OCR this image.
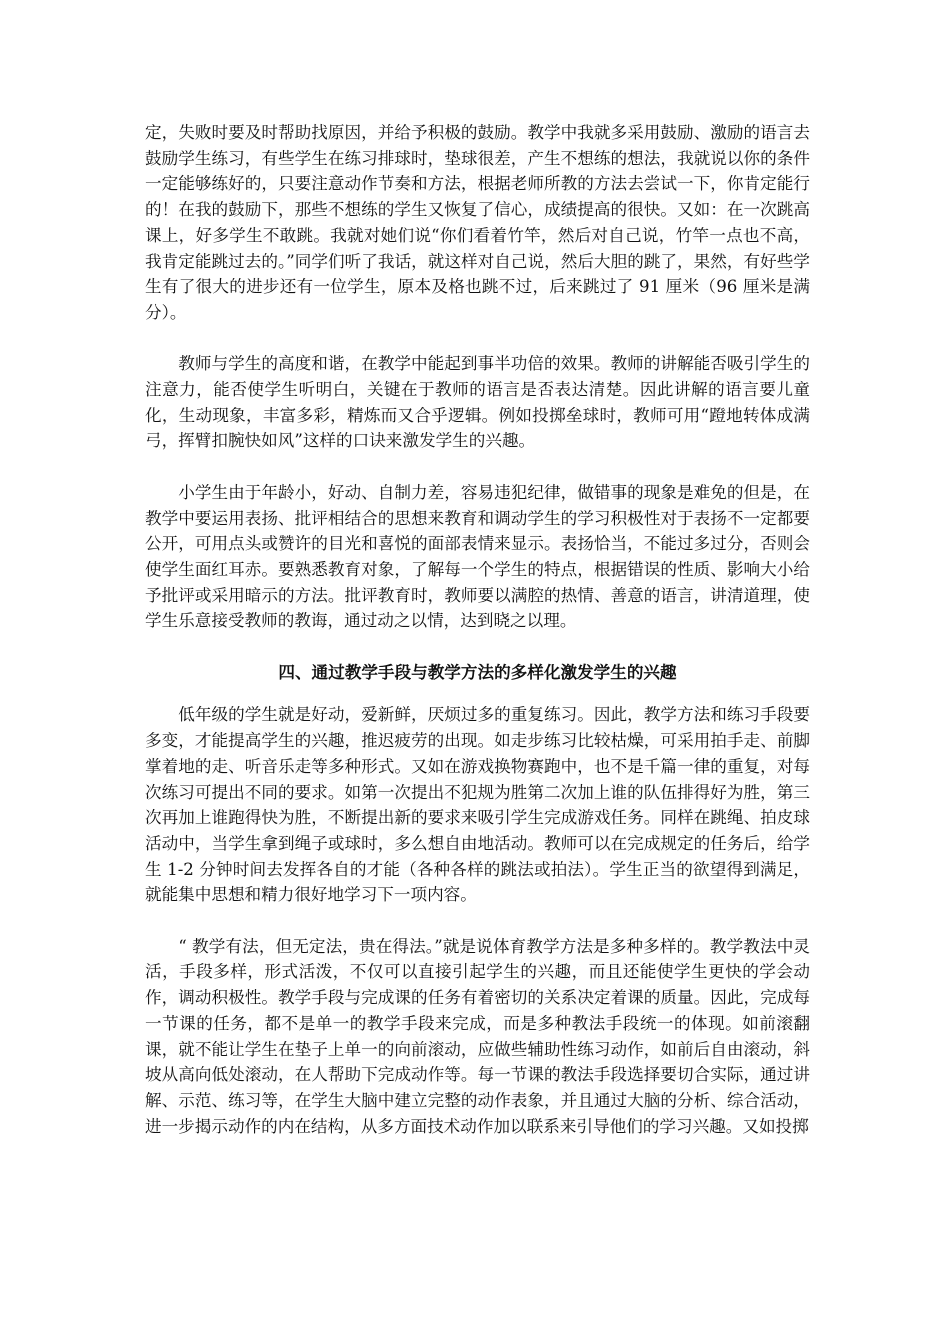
定，失败时要及时帮助找原因，并给予积极的鼓励。教学中我就多采用鼓励、激励的语言去鼓励学生练习，有些学生在练习排球时，垫球很差，产生不想练的想法，我就说以你的条件一定能够练好的，只要注意动作节奏和方法，根据老师所教的方法去尝试一下，你肯定能行的！在我的鼓励下，那些不想练的学生又恢复了信心，成绩提高的很快。又如：在一次跳高课上，好多学生不敢跳。我就对她们说“你们看着竹竿，然后对自己说，竹竿一点也不高，我肯定能跳过去的。”同学们听了我话，就这样对自己说，然后大胆的跳了，果然，有好些学生有了很大的进步还有一位学生，原本及格也跳不过，后来跳过了 91 厘米（96 厘米是满分）。

教师与学生的高度和谐，在教学中能起到事半功倍的效果。教师的讲解能否吸引学生的注意力，能否使学生听明白，关键在于教师的语言是否表达清楚。因此讲解的语言要儿童化，生动现象，丰富多彩，精炼而又合乎逻辑。例如投掷垒球时，教师可用“蹬地转体成满弓，挥臂扣腕快如风”这样的口诀来激发学生的兴趣。

小学生由于年龄小，好动、自制力差，容易违犯纪律，做错事的现象是难免的但是，在教学中要运用表扬、批评相结合的思想来教育和调动学生的学习积极性对于表扬不一定都要公开，可用点头或赞许的目光和喜悦的面部表情来显示。表扬恰当，不能过多过分，否则会使学生面红耳赤。要熟悉教育对象，了解每一个学生的特点，根据错误的性质、影响大小给予批评或采用暗示的方法。批评教育时，教师要以满腔的热情、善意的语言，讲清道理，使学生乐意接受教师的教诲，通过动之以情，达到晓之以理。

四、通过教学手段与教学方法的多样化激发学生的兴趣

低年级的学生就是好动，爱新鲜，厌烦过多的重复练习。因此，教学方法和练习手段要多变，才能提高学生的兴趣，推迟疲劳的出现。如走步练习比较枯燥，可采用拍手走、前脚掌着地的走、听音乐走等多种形式。又如在游戏换物赛跑中，也不是千篇一律的重复，对每次练习可提出不同的要求。如第一次提出不犯规为胜第二次加上谁的队伍排得好为胜，第三次再加上谁跑得快为胜，不断提出新的要求来吸引学生完成游戏任务。同样在跳绳、拍皮球活动中，当学生拿到绳子或球时，多么想自由地活动。教师可以在完成规定的任务后，给学生 1-2 分钟时间去发挥各自的才能（各种各样的跳法或拍法）。学生正当的欲望得到满足，就能集中思想和精力很好地学习下一项内容。

“ 教学有法，但无定法，贵在得法。”就是说体育教学方法是多种多样的。教学教法中灵活，手段多样，形式活泼，不仅可以直接引起学生的兴趣，而且还能使学生更快的学会动作，调动积极性。教学手段与完成课的任务有着密切的关系决定着课的质量。因此，完成每一节课的任务，都不是单一的教学手段来完成，而是多种教法手段统一的体现。如前滚翻课，就不能让学生在垫子上单一的向前滚动，应做些辅助性练习动作，如前后自由滚动，斜坡从高向低处滚动，在人帮助下完成动作等。每一节课的教法手段选择要切合实际，通过讲解、示范、练习等，在学生大脑中建立完整的动作表象，并且通过大脑的分析、综合活动，进一步揭示动作的内在结构，从多方面技术动作加以联系来引导他们的学习兴趣。又如投掷
